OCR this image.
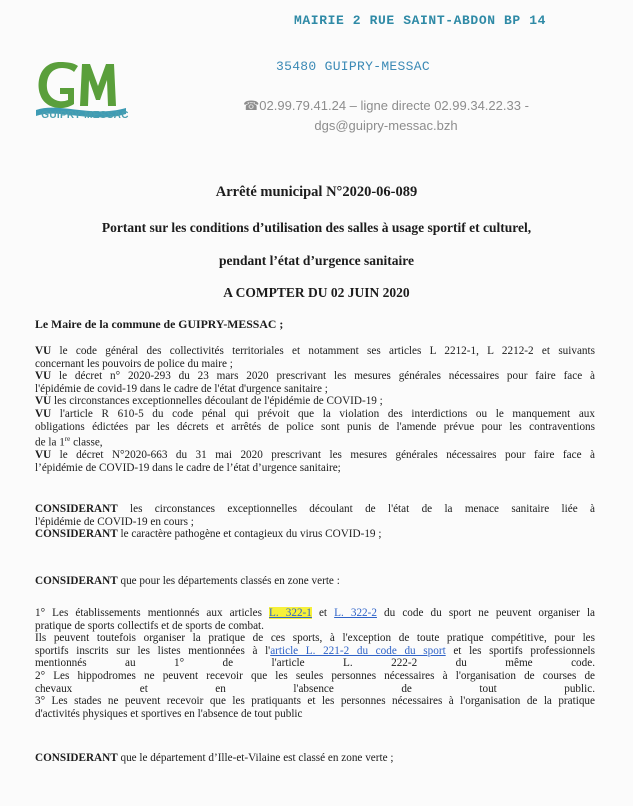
GUIPRY-MESSAC
MAIRIE 2 RUE SAINT-ABDON BP 14
35480 GUIPRY-MESSAC
☎02.99.79.41.24 – ligne directe 02.99.34.22.33 -
dgs@guipry-messac.bzh
Arrêté municipal N°2020-06-089
Portant sur les conditions d’utilisation des salles à usage sportif et culturel,
pendant l’état d’urgence sanitaire
A COMPTER DU 02 JUIN 2020
Le Maire de la commune de GUIPRY-MESSAC ;
VU le code général des collectivités territoriales et notamment ses articles L 2212-1, L 2212-2 et suivants
concernant les pouvoirs de police du maire ;
VU le décret n° 2020-293 du 23 mars 2020 prescrivant les mesures générales nécessaires pour faire face à
l'épidémie de covid-19 dans le cadre de l'état d'urgence sanitaire ;
VU les circonstances exceptionnelles découlant de l'épidémie de COVID-19 ;
VU l'article R 610-5 du code pénal qui prévoit que la violation des interdictions ou le manquement aux
obligations édictées par les décrets et arrêtés de police sont punis de l'amende prévue pour les contraventions
de la 1re classe,
VU le décret N°2020-663 du 31 mai 2020 prescrivant les mesures générales nécessaires pour faire face à
l’épidémie de COVID-19 dans le cadre de l’état d’urgence sanitaire;
CONSIDERANT les circonstances exceptionnelles découlant de l'état de la menace sanitaire liée à
l'épidémie de COVID-19 en cours ;
CONSIDERANT le caractère pathogène et contagieux du virus COVID-19 ;
CONSIDERANT que pour les départements classés en zone verte :
1° Les établissements mentionnés aux articles L. 322-1 et L. 322-2 du code du sport ne peuvent organiser la
pratique de sports collectifs et de sports de combat.
Ils peuvent toutefois organiser la pratique de ces sports, à l'exception de toute pratique compétitive, pour les
sportifs inscrits sur les listes mentionnées à l'article L. 221-2 du code du sport et les sportifs professionnels
mentionnés au 1° de l'article L. 222-2 du même code.
2° Les hippodromes ne peuvent recevoir que les seules personnes nécessaires à l'organisation de courses de
chevaux et en l'absence de tout public.
3° Les stades ne peuvent recevoir que les pratiquants et les personnes nécessaires à l'organisation de la pratique
d'activités physiques et sportives en l'absence de tout public
CONSIDERANT que le département d’Ille-et-Vilaine est classé en zone verte ;
